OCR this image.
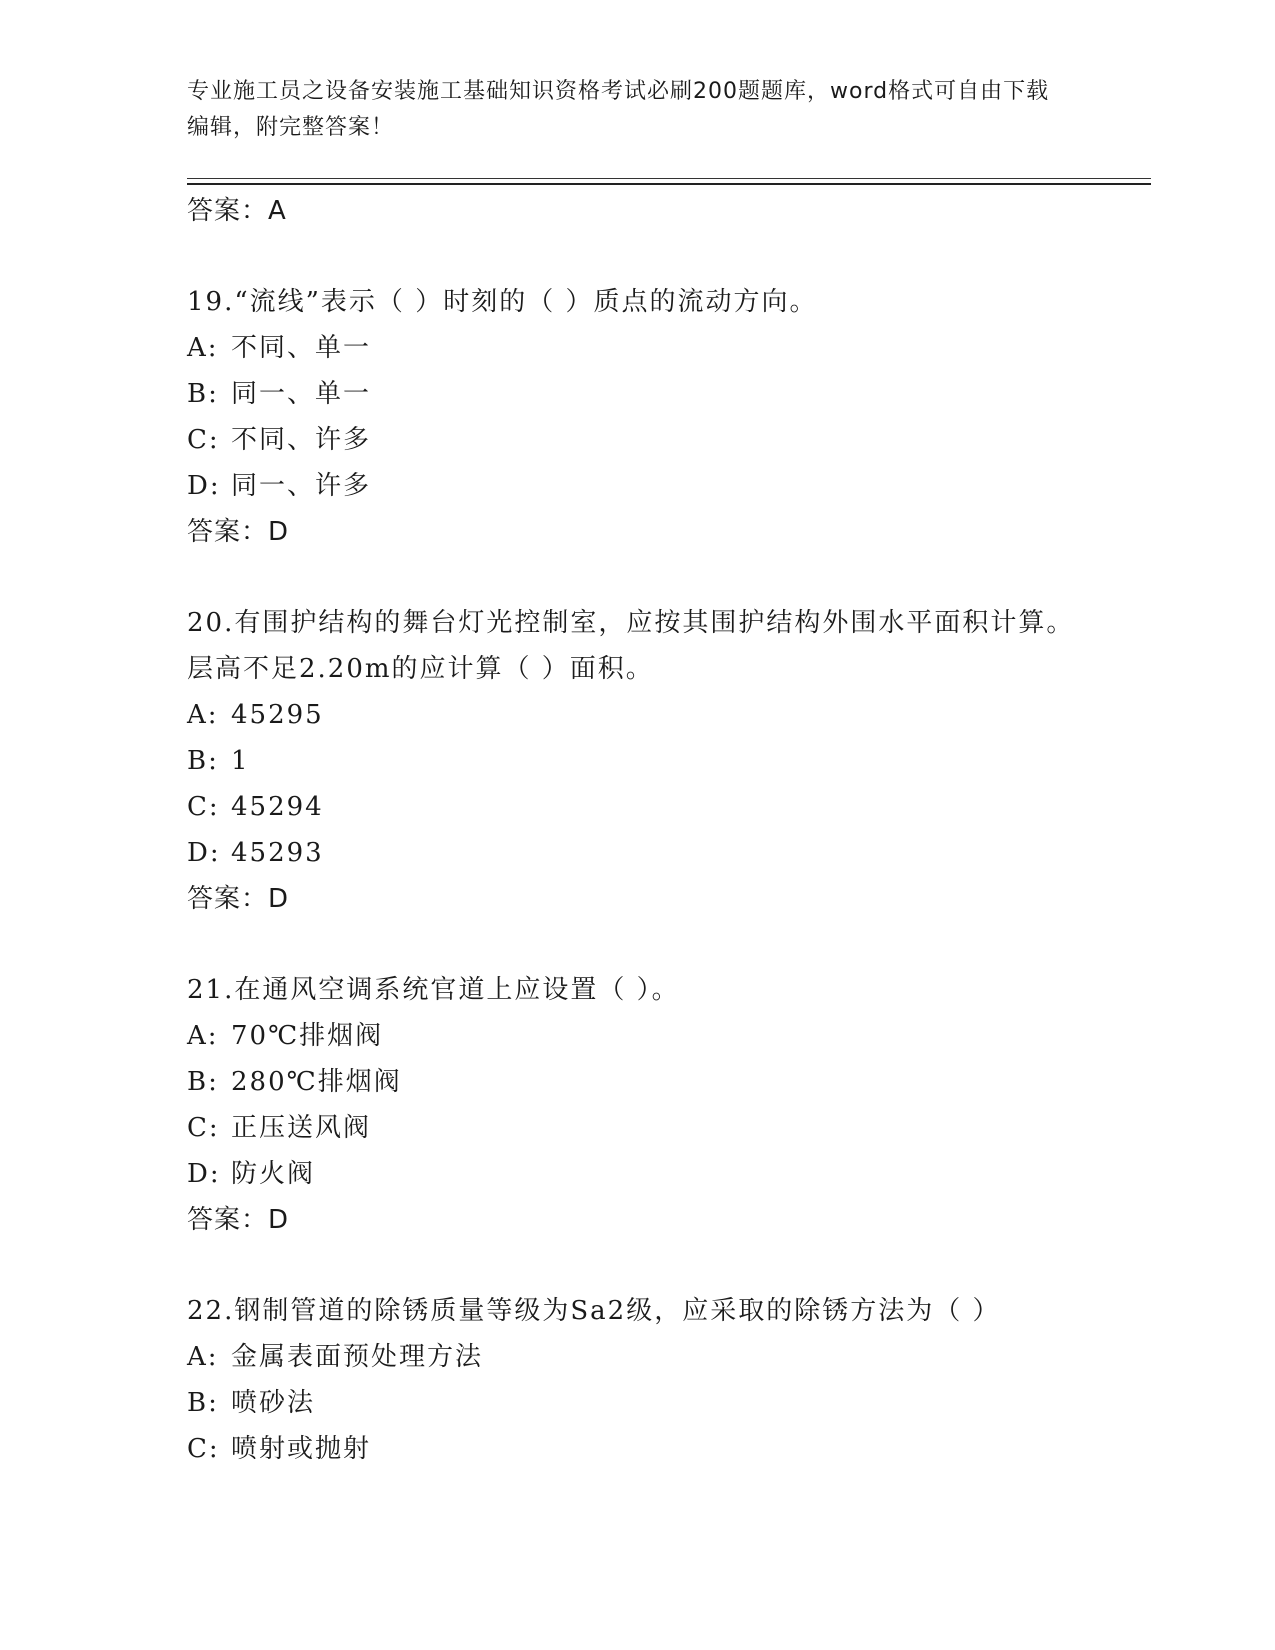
专业施工员之设备安装施工基础知识资格考试必刷200题题库，word格式可自由下载编辑，附完整答案！
答案：A
19.“流线”表示（ ）时刻的（ ）质点的流动方向。
A: 不同、单一
B: 同一、单一
C: 不同、许多
D: 同一、许多
答案：D
20.有围护结构的舞台灯光控制室，应按其围护结构外围水平面积计算。层高不足2.20m的应计算（ ）面积。
A: 45295
B: 1
C: 45294
D: 45293
答案：D
21.在通风空调系统官道上应设置（ ）。
A: 70℃排烟阀
B: 280℃排烟阀
C: 正压送风阀
D: 防火阀
答案：D
22.钢制管道的除锈质量等级为Sa2级，应采取的除锈方法为（ ）
A: 金属表面预处理方法
B: 喷砂法
C: 喷射或抛射
